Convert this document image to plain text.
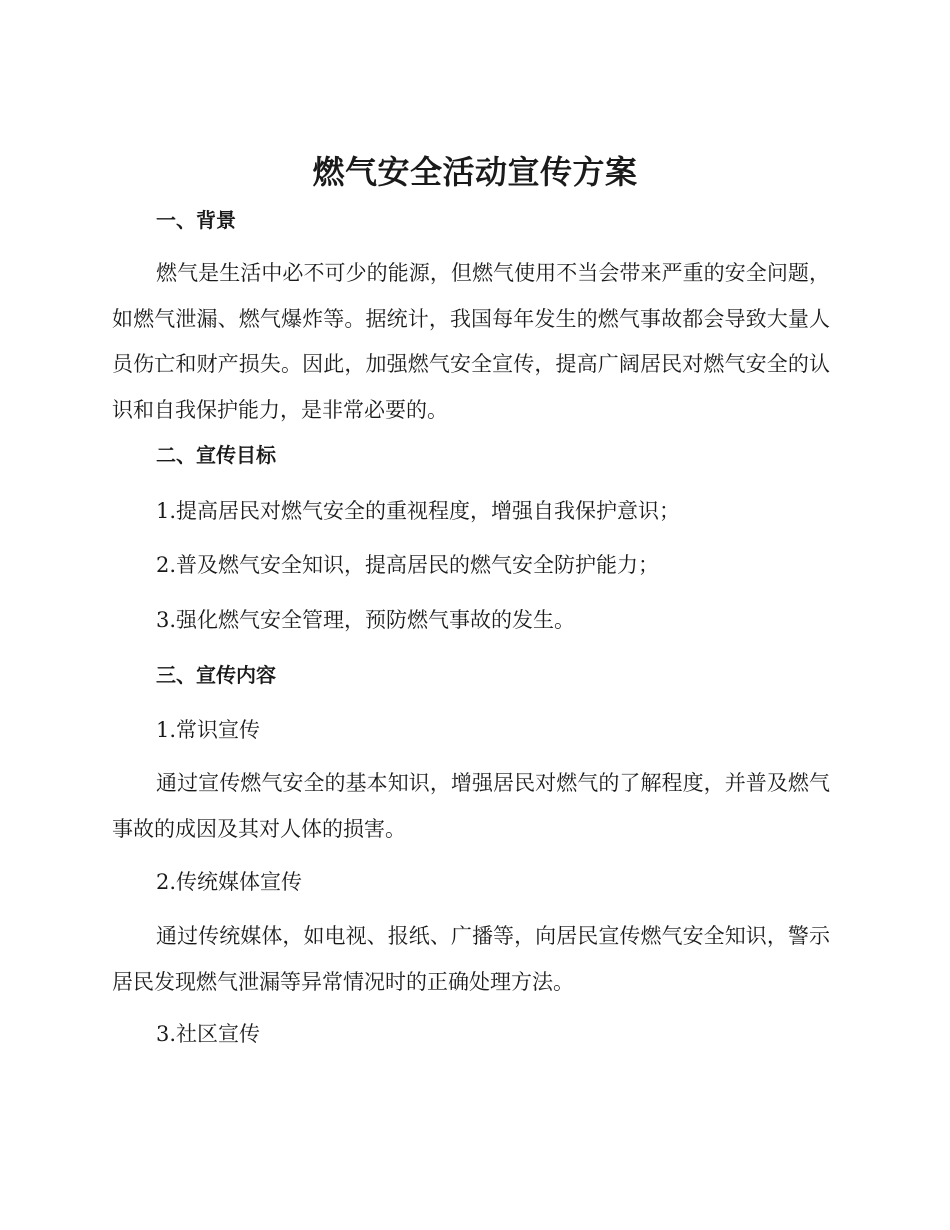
燃气安全活动宣传方案
一、背景

燃气是生活中必不可少的能源，但燃气使用不当会带来严重的安全问题，如燃气泄漏、燃气爆炸等。据统计，我国每年发生的燃气事故都会导致大量人员伤亡和财产损失。因此，加强燃气安全宣传，提高广阔居民对燃气安全的认识和自我保护能力，是非常必要的。

二、宣传目标
1.提高居民对燃气安全的重视程度，增强自我保护意识；
2.普及燃气安全知识，提高居民的燃气安全防护能力；
3.强化燃气安全管理，预防燃气事故的发生。
三、宣传内容
1.常识宣传

通过宣传燃气安全的基本知识，增强居民对燃气的了解程度，并普及燃气事故的成因及其对人体的损害。

2.传统媒体宣传

通过传统媒体，如电视、报纸、广播等，向居民宣传燃气安全知识，警示居民发现燃气泄漏等异常情况时的正确处理方法。

3.社区宣传
